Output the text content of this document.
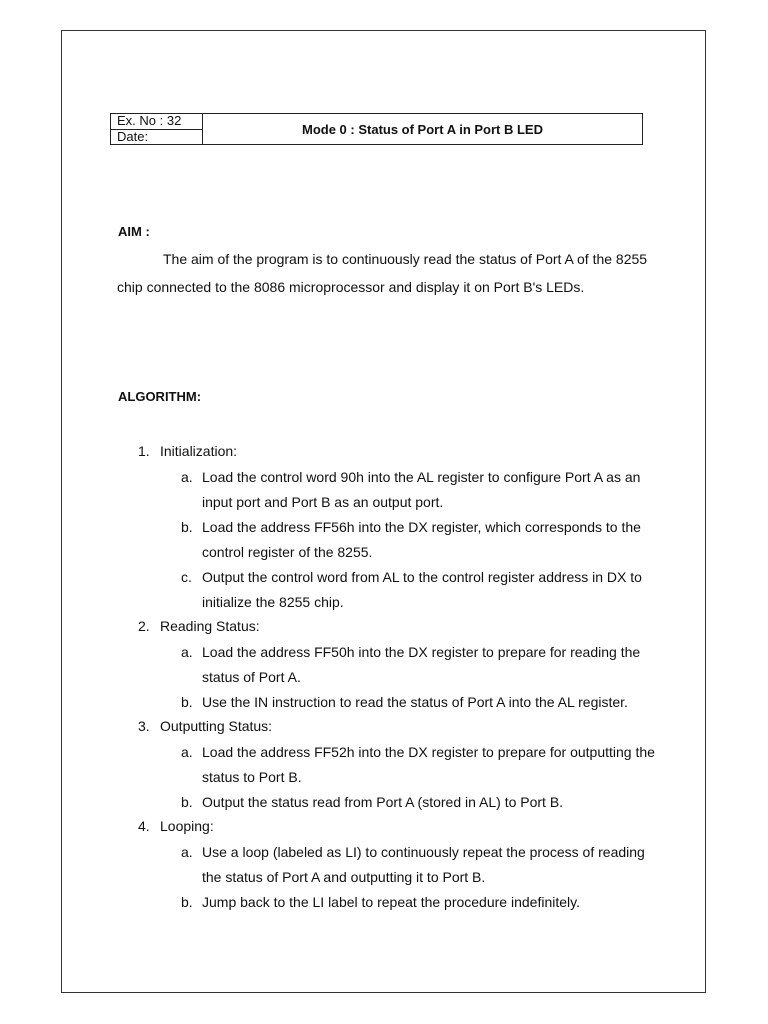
Ex. No : 32
Date:	Mode 0 : Status of Port A in Port B LED
AIM :
The aim of the program is to continuously read the status of Port A of the 8255 chip connected to the 8086 microprocessor and display it on Port B's LEDs.
ALGORITHM:
1. Initialization:
a. Load the control word 90h into the AL register to configure Port A as an input port and Port B as an output port.
b. Load the address FF56h into the DX register, which corresponds to the control register of the 8255.
c. Output the control word from AL to the control register address in DX to initialize the 8255 chip.
2. Reading Status:
a. Load the address FF50h into the DX register to prepare for reading the status of Port A.
b. Use the IN instruction to read the status of Port A into the AL register.
3. Outputting Status:
a. Load the address FF52h into the DX register to prepare for outputting the status to Port B.
b. Output the status read from Port A (stored in AL) to Port B.
4. Looping:
a. Use a loop (labeled as LI) to continuously repeat the process of reading the status of Port A and outputting it to Port B.
b. Jump back to the LI label to repeat the procedure indefinitely.
